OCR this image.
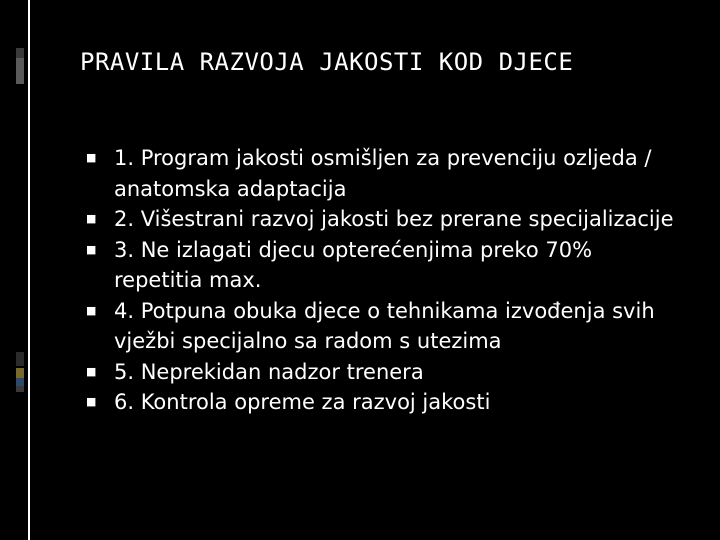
PRAVILA RAZVOJA JAKOSTI KOD DJECE
■ 1. Program jakosti osmišljen za prevenciju ozljeda / anatomska adaptacija
■ 2. Višestrani razvoj jakosti bez prerane specijalizacije
■ 3. Ne izlagati djecu opterećenjima preko 70% repetitia max.
■ 4. Potpuna obuka djece o tehnikama izvođenja svih vježbi specijalno sa radom s utezima
■ 5. Neprekidan nadzor trenera
■ 6. Kontrola opreme za razvoj jakosti
